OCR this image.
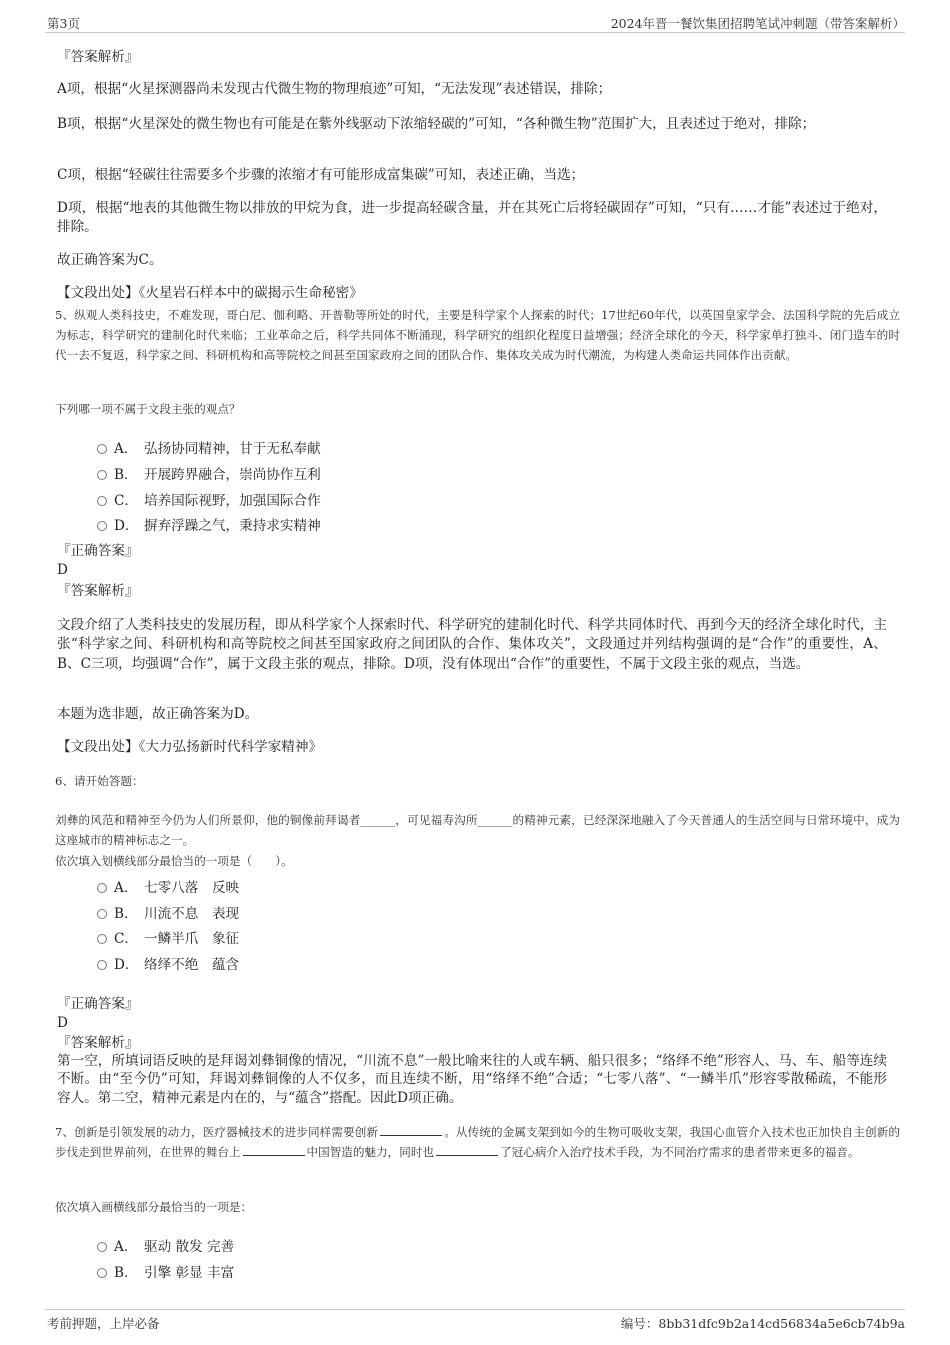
第3页	2024年晋一餐饮集团招聘笔试冲刺题（带答案解析）
『答案解析』
A项，根据“火星探测器尚未发现古代微生物的物理痕迹”可知，“无法发现”表述错误，排除；
B项，根据“火星深处的微生物也有可能是在紫外线驱动下浓缩轻碳的”可知，“各种微生物”范围扩大，且表述过于绝对，排除；
C项，根据“轻碳往往需要多个步骤的浓缩才有可能形成富集碳”可知，表述正确，当选；
D项，根据“地表的其他微生物以排放的甲烷为食，进一步提高轻碳含量，并在其死亡后将轻碳固存”可知，“只有……才能”表述过于绝对，排除。
故正确答案为C。
【文段出处】《火星岩石样本中的碳揭示生命秘密》
5、纵观人类科技史，不难发现，哥白尼、伽利略、开普勒等所处的时代，主要是科学家个人探索的时代；17世纪60年代，以英国皇家学会、法国科学院的先后成立为标志，科学研究的建制化时代来临；工业革命之后，科学共同体不断涌现，科学研究的组织化程度日益增强；经济全球化的今天，科学家单打独斗、闭门造车的时代一去不复返，科学家之间、科研机构和高等院校之间甚至国家政府之间的团队合作、集体攻关成为时代潮流，为构建人类命运共同体作出贡献。
下列哪一项不属于文段主张的观点？
A． 弘扬协同精神，甘于无私奉献
B． 开展跨界融合，崇尚协作互利
C． 培养国际视野，加强国际合作
D． 摒弃浮躁之气，秉持求实精神
『正确答案』
D
『答案解析』
文段介绍了人类科技史的发展历程，即从科学家个人探索时代、科学研究的建制化时代、科学共同体时代、再到今天的经济全球化时代，主张“科学家之间、科研机构和高等院校之间甚至国家政府之间团队的合作、集体攻关”，文段通过并列结构强调的是“合作”的重要性，A、B、C三项，均强调“合作”，属于文段主张的观点，排除。D项，没有体现出“合作”的重要性，不属于文段主张的观点，当选。
本题为选非题，故正确答案为D。
【文段出处】《大力弘扬新时代科学家精神》
6、请开始答题：
刘彝的风范和精神至今仍为人们所景仰，他的铜像前拜谒者______，可见福寿沟所______的精神元素，已经深深地融入了今天普通人的生活空间与日常环境中，成为这座城市的精神标志之一。
依次填入划横线部分最恰当的一项是（　　）。
A． 七零八落　反映
B． 川流不息　表现
C． 一鳞半爪　象征
D． 络绎不绝　蕴含
『正确答案』
D
『答案解析』
第一空，所填词语反映的是拜谒刘彝铜像的情况，“川流不息”一般比喻来往的人或车辆、船只很多；“络绎不绝”形容人、马、车、船等连续不断。由“至今仍”可知，拜谒刘彝铜像的人不仅多，而且连续不断，用“络绎不绝”合适；“七零八落”、“一鳞半爪”形容零散稀疏，不能形容人。第二空，精神元素是内在的，与“蕴含”搭配。因此D项正确。
7、创新是引领发展的动力，医疗器械技术的进步同样需要创新	。从传统的金属支架到如今的生物可吸收支架，我国心血管介入技术也正加快自主创新的步伐走到世界前列，在世界的舞台上	中国智造的魅力，同时也	了冠心病介入治疗技术手段，为不同治疗需求的患者带来更多的福音。
依次填入画横线部分最恰当的一项是：
A． 驱动 散发 完善
B． 引擎 彰显 丰富
考前押题，上岸必备	编号：8bb31dfc9b2a14cd56834a5e6cb74b9a
